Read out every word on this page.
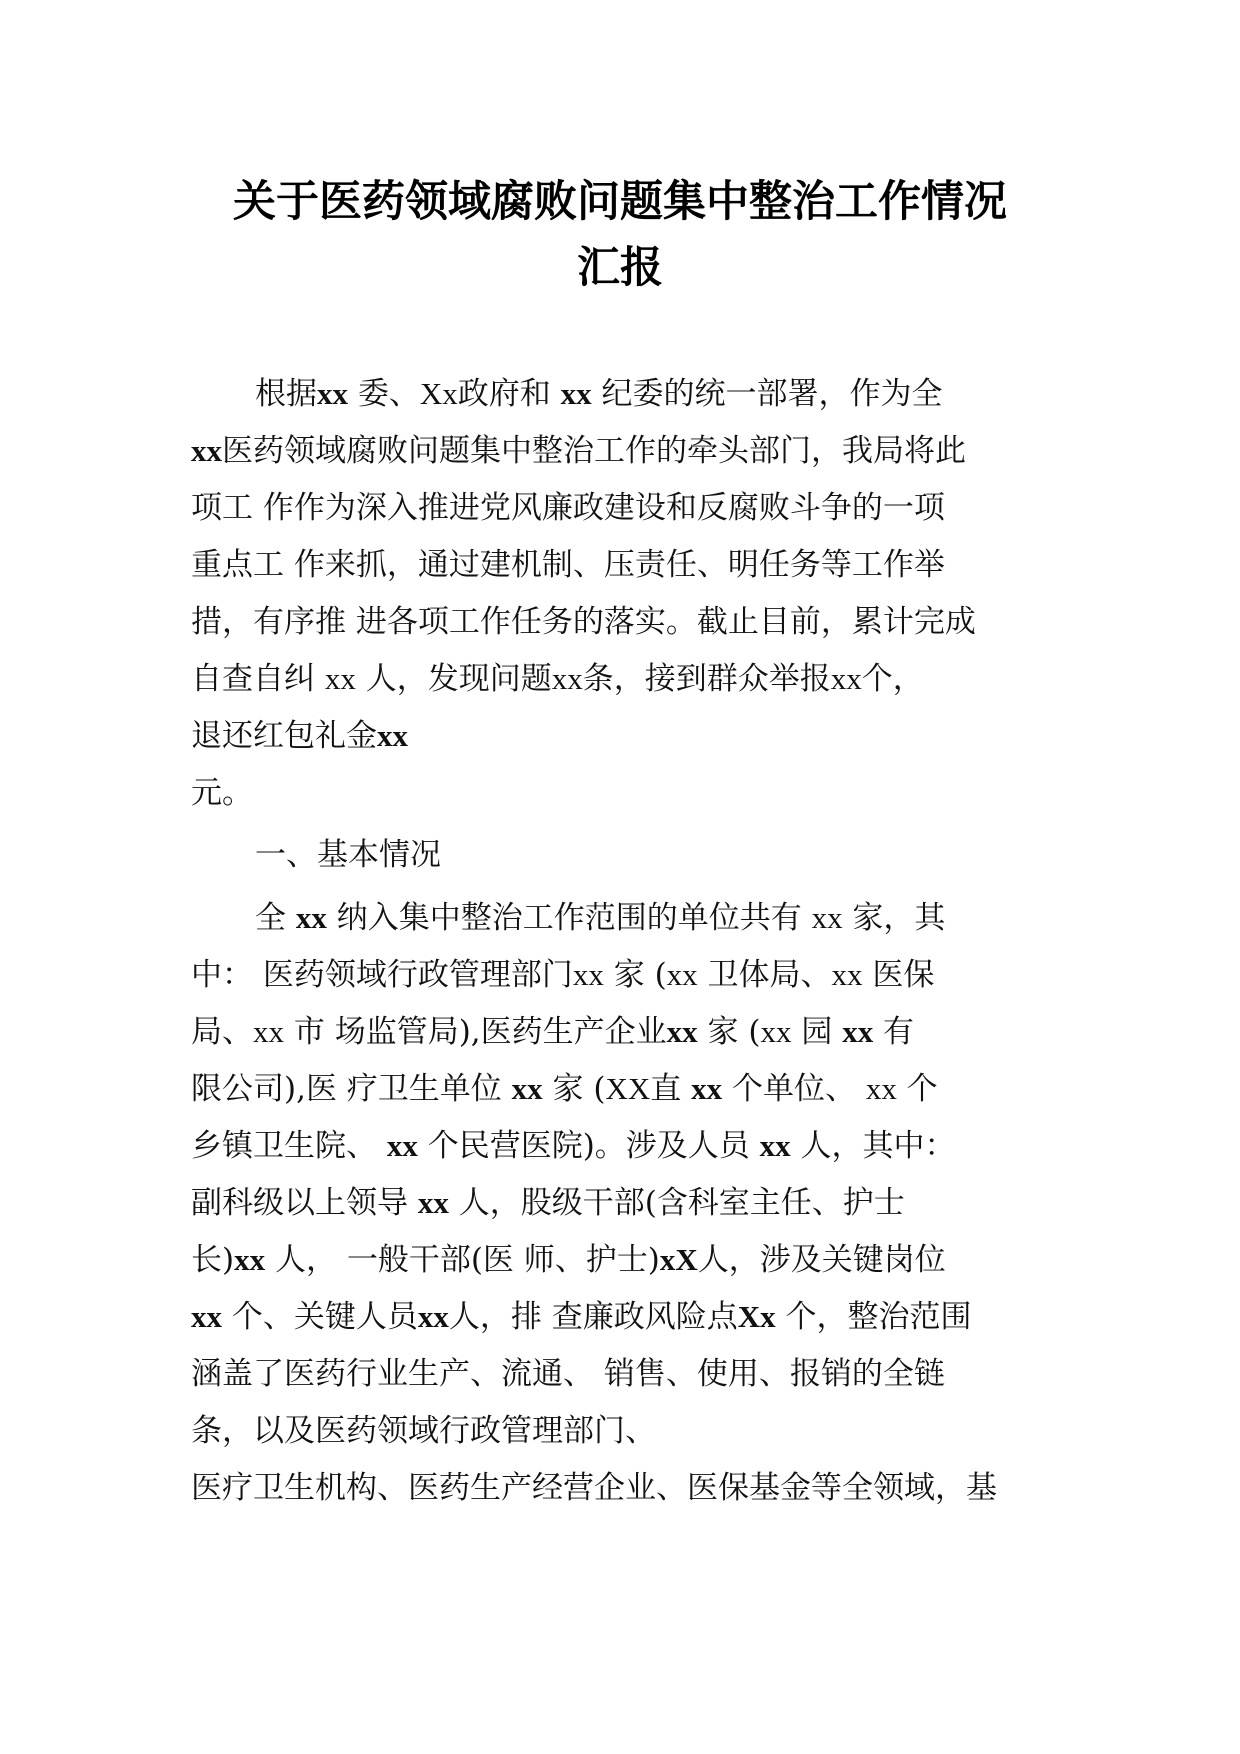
关于医药领域腐败问题集中整治工作情况
汇报
根据xx 委、Xx政府和 xx 纪委的统一部署，作为全
xx医药领域腐败问题集中整治工作的牵头部门，我局将此
项工 作作为深入推进党风廉政建设和反腐败斗争的一项
重点工 作来抓，通过建机制、压责任、明任务等工作举
措，有序推 进各项工作任务的落实。截止目前，累计完成
自查自纠 xx 人，发现问题xx条，接到群众举报xx个，
退还红包礼金xx
元。
一、基本情况
全 xx 纳入集中整治工作范围的单位共有 xx 家，其
中： 医药领域行政管理部门xx 家 (xx 卫体局、xx 医保
局、xx 市 场监管局),医药生产企业xx 家 (xx 园 xx 有
限公司),医 疗卫生单位 xx 家 (XX直 xx 个单位、 xx 个
乡镇卫生院、 xx 个民营医院)。涉及人员 xx 人，其中：
副科级以上领导 xx 人，股级干部(含科室主任、护士
长)xx 人， 一般干部(医 师、护士)xX人，涉及关键岗位
xx 个、关键人员xx人，排 查廉政风险点Xx 个，整治范围
涵盖了医药行业生产、流通、 销售、使用、报销的全链
条，以及医药领域行政管理部门、
医疗卫生机构、医药生产经营企业、医保基金等全领域，基
